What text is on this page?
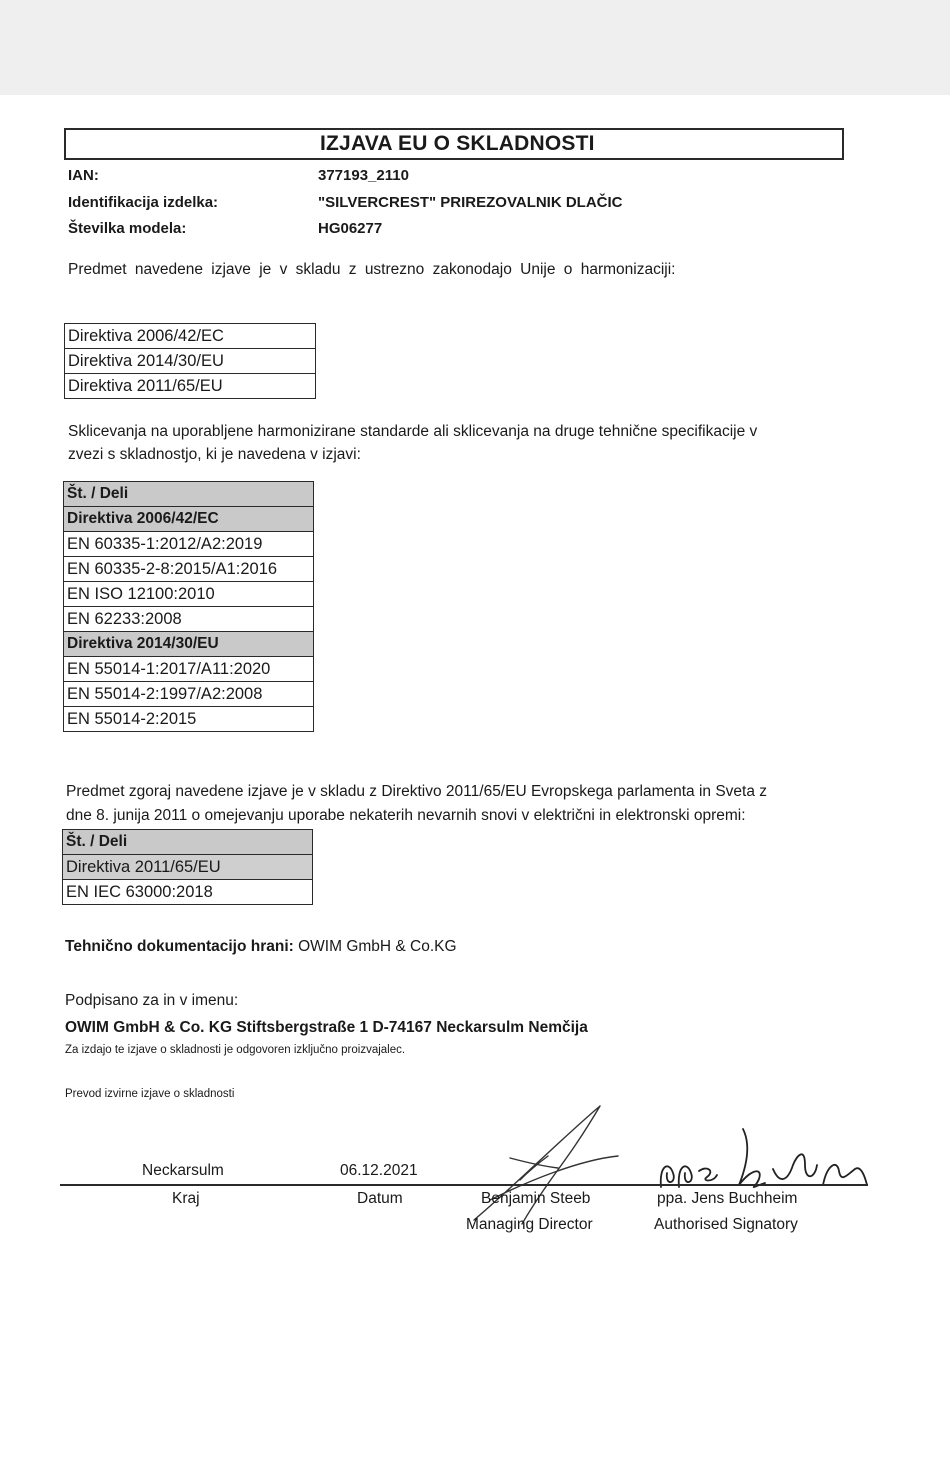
IZJAVA EU O SKLADNOSTI
IAN:	377193_2110
Identifikacija izdelka:	"SILVERCREST" PRIREZOVALNIK DLAČIC
Številka modela:	HG06277
Predmet navedene izjave je v skladu z ustrezno zakonodajo Unije o harmonizaciji:
Direktiva 2006/42/EC
Direktiva 2014/30/EU
Direktiva 2011/65/EU
Sklicevanja na uporabljene harmonizirane standarde ali sklicevanja na druge tehnične specifikacije v
zvezi s skladnostjo, ki je navedena v izjavi:
Št. / Deli
Direktiva 2006/42/EC
EN 60335-1:2012/A2:2019
EN 60335-2-8:2015/A1:2016
EN ISO 12100:2010
EN 62233:2008
Direktiva 2014/30/EU
EN 55014-1:2017/A11:2020
EN 55014-2:1997/A2:2008
EN 55014-2:2015
Predmet zgoraj navedene izjave je v skladu z Direktivo 2011/65/EU Evropskega parlamenta in Sveta z
dne 8. junija 2011 o omejevanju uporabe nekaterih nevarnih snovi v električni in elektronski opremi:
Št. / Deli
Direktiva 2011/65/EU
EN IEC 63000:2018
Tehnično dokumentacijo hrani: OWIM GmbH & Co.KG
Podpisano za in v imenu:
OWIM GmbH & Co. KG Stiftsbergstraße 1 D-74167 Neckarsulm Nemčija
Za izdajo te izjave o skladnosti je odgovoren izključno proizvajalec.
Prevod izvirne izjave o skladnosti
Neckarsulm	06.12.2021
Kraj	Datum	Benjamin Steeb
Managing Director
ppa. Jens Buchheim
Authorised Signatory
